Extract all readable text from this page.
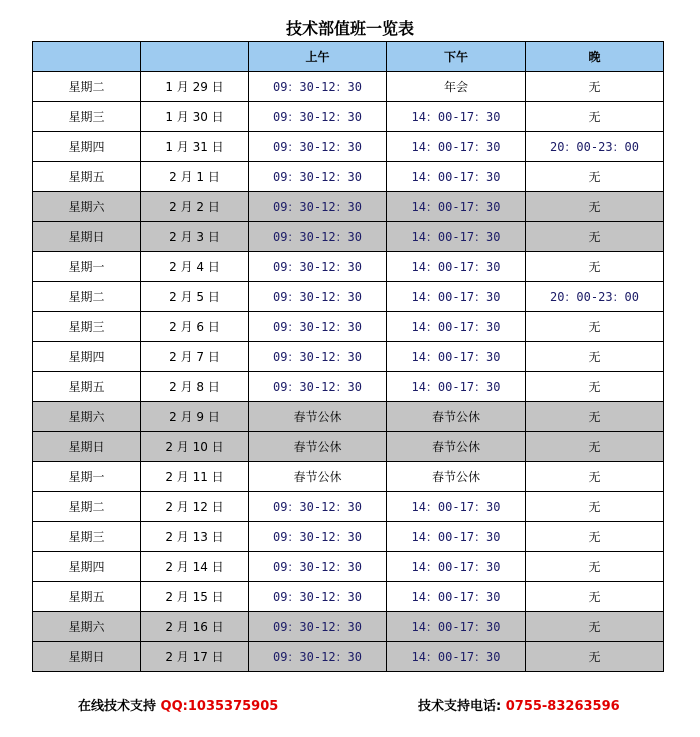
技术部值班一览表
		上午	下午	晚
星期二	1 月 29 日	09：30-12：30	年会	无
星期三	1 月 30 日	09：30-12：30	14：00-17：30	无
星期四	1 月 31 日	09：30-12：30	14：00-17：30	20：00-23：00
星期五	2 月 1 日	09：30-12：30	14：00-17：30	无
星期六	2 月 2 日	09：30-12：30	14：00-17：30	无
星期日	2 月 3 日	09：30-12：30	14：00-17：30	无
星期一	2 月 4 日	09：30-12：30	14：00-17：30	无
星期二	2 月 5 日	09：30-12：30	14：00-17：30	20：00-23：00
星期三	2 月 6 日	09：30-12：30	14：00-17：30	无
星期四	2 月 7 日	09：30-12：30	14：00-17：30	无
星期五	2 月 8 日	09：30-12：30	14：00-17：30	无
星期六	2 月 9 日	春节公休	春节公休	无
星期日	2 月 10 日	春节公休	春节公休	无
星期一	2 月 11 日	春节公休	春节公休	无
星期二	2 月 12 日	09：30-12：30	14：00-17：30	无
星期三	2 月 13 日	09：30-12：30	14：00-17：30	无
星期四	2 月 14 日	09：30-12：30	14：00-17：30	无
星期五	2 月 15 日	09：30-12：30	14：00-17：30	无
星期六	2 月 16 日	09：30-12：30	14：00-17：30	无
星期日	2 月 17 日	09：30-12：30	14：00-17：30	无
在线技术支持 QQ:1035375905	技术支持电话: 0755-83263596
